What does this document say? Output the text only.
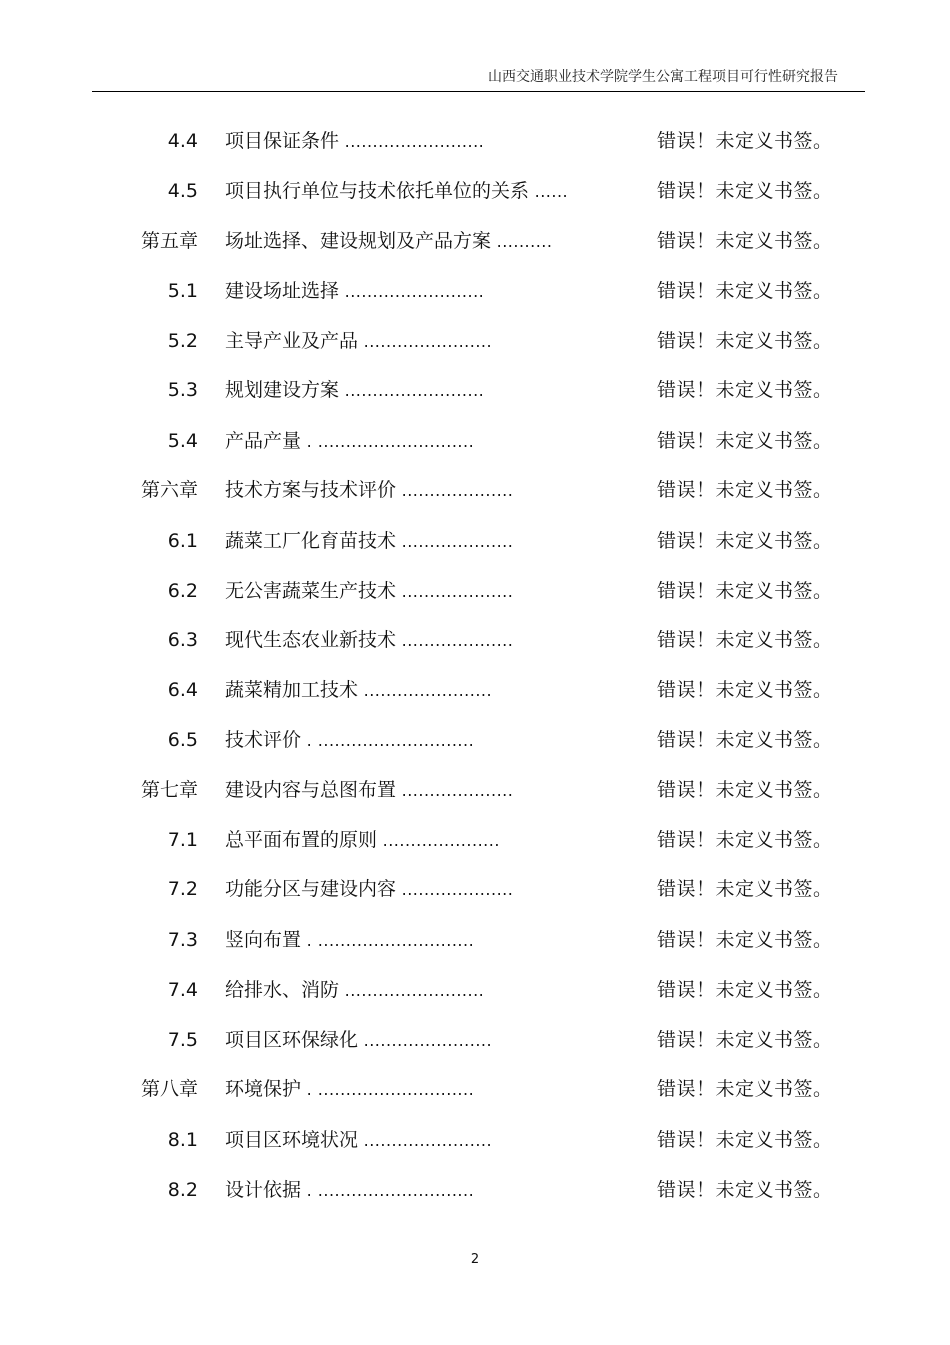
山西交通职业技术学院学生公寓工程项目可行性研究报告
4.4 项目保证条件 .........................	错误！未定义书签。
4.5 项目执行单位与技术依托单位的关系 ......	错误！未定义书签。
第五章 场址选择、建设规划及产品方案 ..........	错误！未定义书签。
5.1 建设场址选择 .........................	错误！未定义书签。
5.2 主导产业及产品 .......................	错误！未定义书签。
5.3 规划建设方案 .........................	错误！未定义书签。
5.4 产品产量 . ............................	错误！未定义书签。
第六章 技术方案与技术评价 ....................	错误！未定义书签。
6.1 蔬菜工厂化育苗技术 ....................	错误！未定义书签。
6.2 无公害蔬菜生产技术 ....................	错误！未定义书签。
6.3 现代生态农业新技术 ....................	错误！未定义书签。
6.4 蔬菜精加工技术 .......................	错误！未定义书签。
6.5 技术评价 . ............................	错误！未定义书签。
第七章 建设内容与总图布置 ....................	错误！未定义书签。
7.1 总平面布置的原则 .....................	错误！未定义书签。
7.2 功能分区与建设内容 ....................	错误！未定义书签。
7.3 竖向布置 . ............................	错误！未定义书签。
7.4 给排水、消防 .........................	错误！未定义书签。
7.5 项目区环保绿化 .......................	错误！未定义书签。
第八章 环境保护 . ............................	错误！未定义书签。
8.1 项目区环境状况 .......................	错误！未定义书签。
8.2 设计依据 . ............................	错误！未定义书签。
2
